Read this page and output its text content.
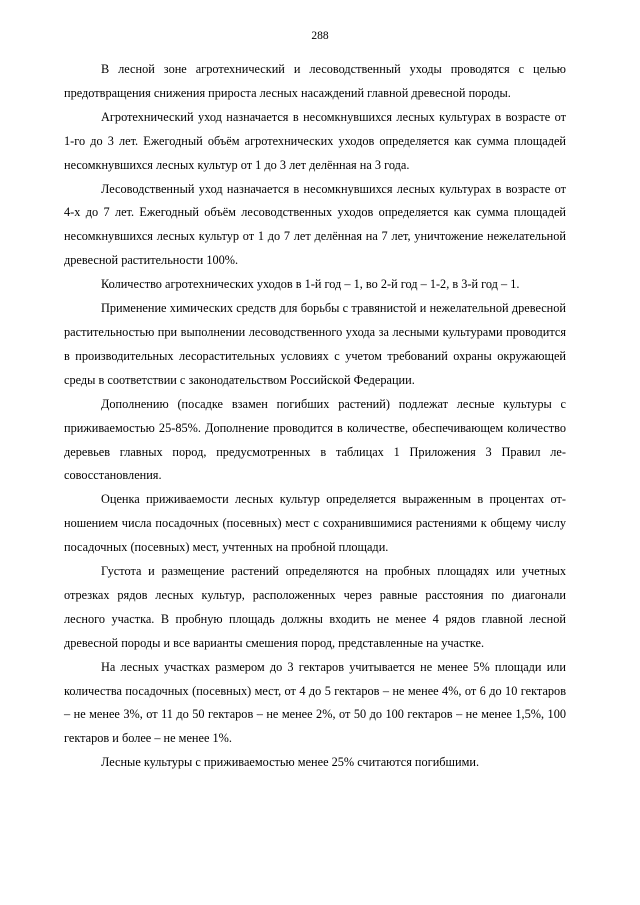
288

В лесной зоне агротехнический и лесоводственный уходы проводятся с целью предотвращения снижения прироста лесных насаждений главной древесной породы.

Агротехнический уход назначается в несомкнувшихся лесных культурах в возрасте от 1-го до 3 лет. Ежегодный объём агротехнических уходов определяется как сумма площадей несомкнувшихся лесных культур от 1 до 3 лет делённая на 3 года.

Лесоводственный уход назначается в несомкнувшихся лесных культурах в возрасте от 4-х до 7 лет. Ежегодный объём лесоводственных уходов определяется как сумма площадей несомкнувшихся лесных культур от 1 до 7 лет делённая на 7 лет, уничтожение нежелательной древесной растительности 100%.

Количество агротехнических уходов в 1-й год – 1, во 2-й год – 1-2, в 3-й год – 1.

Применение химических средств для борьбы с травянистой и нежелательной древесной растительностью при выполнении лесоводственного ухода за лесными культурами проводится в производительных лесорастительных условиях с учетом требований охраны окружающей среды в соответствии с законодательством Российской Федерации.

Дополнению (посадке взамен погибших растений) подлежат лесные культуры с приживаемостью 25-85%. Дополнение проводится в количестве, обеспечивающем количество деревьев главных пород, предусмотренных в таблицах 1 Приложения 3 Правил лесовосстановления.

Оценка приживаемости лесных культур определяется выраженным в процентах отношением числа посадочных (посевных) мест с сохранившимися растениями к общему числу посадочных (посевных) мест, учтенных на пробной площади.

Густота и размещение растений определяются на пробных площадях или учетных отрезках рядов лесных культур, расположенных через равные расстояния по диагонали лесного участка. В пробную площадь должны входить не менее 4 рядов главной лесной древесной породы и все варианты смешения пород, представленные на участке.

На лесных участках размером до 3 гектаров учитывается не менее 5% площади или количества посадочных (посевных) мест, от 4 до 5 гектаров – не менее 4%, от 6 до 10 гектаров – не менее 3%, от 11 до 50 гектаров – не менее 2%, от 50 до 100 гектаров – не менее 1,5%, 100 гектаров и более – не менее 1%.

Лесные культуры с приживаемостью менее 25% считаются погибшими.
